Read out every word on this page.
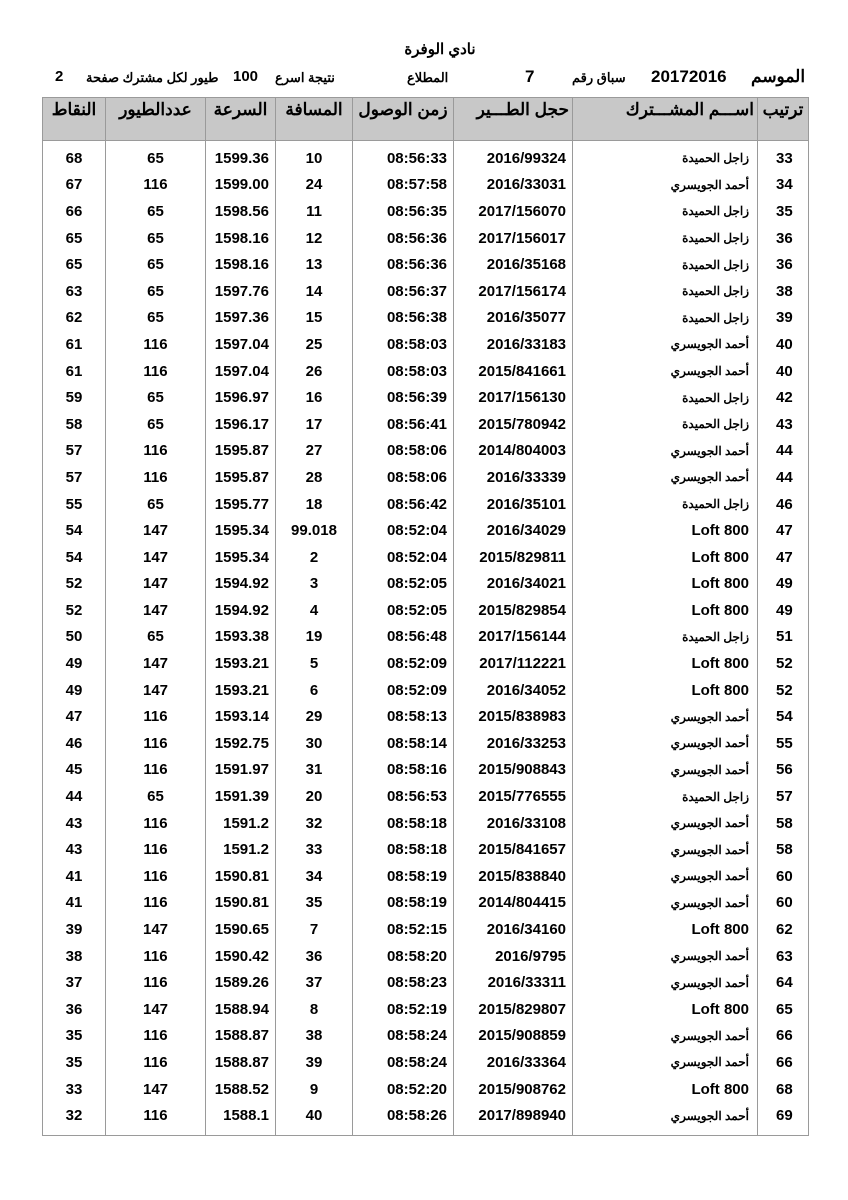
نادي الوفرة
الموسم
20172016
سباق رقم
7
المطلاع
نتيجة اسرع
100
طيور لكل مشترك صفحة
2
النقاط	عددالطيور	السرعة	المسافة	زمن الوصول	حجل الطـــير	اســـم المشـــترك	ترتيب
68	65	1599.36	10	08:56:33	2016/99324	زاجل الحميدة	33
67	116	1599.00	24	08:57:58	2016/33031	أحمد الجويسري	34
66	65	1598.56	11	08:56:35	2017/156070	زاجل الحميدة	35
65	65	1598.16	12	08:56:36	2017/156017	زاجل الحميدة	36
65	65	1598.16	13	08:56:36	2016/35168	زاجل الحميدة	36
63	65	1597.76	14	08:56:37	2017/156174	زاجل الحميدة	38
62	65	1597.36	15	08:56:38	2016/35077	زاجل الحميدة	39
61	116	1597.04	25	08:58:03	2016/33183	أحمد الجويسري	40
61	116	1597.04	26	08:58:03	2015/841661	أحمد الجويسري	40
59	65	1596.97	16	08:56:39	2017/156130	زاجل الحميدة	42
58	65	1596.17	17	08:56:41	2015/780942	زاجل الحميدة	43
57	116	1595.87	27	08:58:06	2014/804003	أحمد الجويسري	44
57	116	1595.87	28	08:58:06	2016/33339	أحمد الجويسري	44
55	65	1595.77	18	08:56:42	2016/35101	زاجل الحميدة	46
54	147	1595.34	99.018	08:52:04	2016/34029	Loft 800	47
54	147	1595.34	2	08:52:04	2015/829811	Loft 800	47
52	147	1594.92	3	08:52:05	2016/34021	Loft 800	49
52	147	1594.92	4	08:52:05	2015/829854	Loft 800	49
50	65	1593.38	19	08:56:48	2017/156144	زاجل الحميدة	51
49	147	1593.21	5	08:52:09	2017/112221	Loft 800	52
49	147	1593.21	6	08:52:09	2016/34052	Loft 800	52
47	116	1593.14	29	08:58:13	2015/838983	أحمد الجويسري	54
46	116	1592.75	30	08:58:14	2016/33253	أحمد الجويسري	55
45	116	1591.97	31	08:58:16	2015/908843	أحمد الجويسري	56
44	65	1591.39	20	08:56:53	2015/776555	زاجل الحميدة	57
43	116	1591.2	32	08:58:18	2016/33108	أحمد الجويسري	58
43	116	1591.2	33	08:58:18	2015/841657	أحمد الجويسري	58
41	116	1590.81	34	08:58:19	2015/838840	أحمد الجويسري	60
41	116	1590.81	35	08:58:19	2014/804415	أحمد الجويسري	60
39	147	1590.65	7	08:52:15	2016/34160	Loft 800	62
38	116	1590.42	36	08:58:20	2016/9795	أحمد الجويسري	63
37	116	1589.26	37	08:58:23	2016/33311	أحمد الجويسري	64
36	147	1588.94	8	08:52:19	2015/829807	Loft 800	65
35	116	1588.87	38	08:58:24	2015/908859	أحمد الجويسري	66
35	116	1588.87	39	08:58:24	2016/33364	أحمد الجويسري	66
33	147	1588.52	9	08:52:20	2015/908762	Loft 800	68
32	116	1588.1	40	08:58:26	2017/898940	أحمد الجويسري	69
